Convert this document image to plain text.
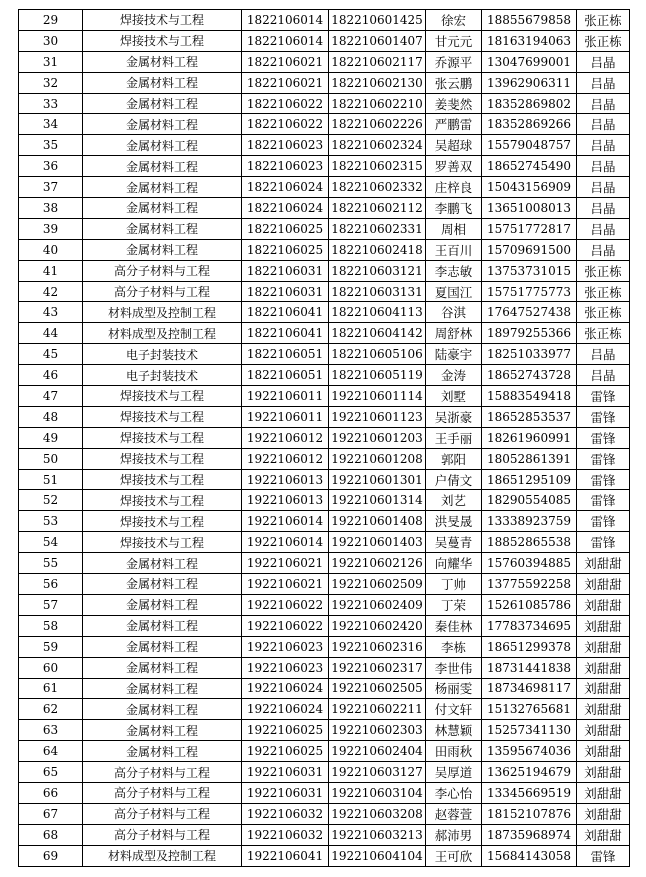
29	焊接技术与工程	1822106014	182210601425	徐宏	18855679858	张正栋
30	焊接技术与工程	1822106014	182210601407	甘元元	18163194063	张正栋
31	金属材料工程	1822106021	182210602117	乔源平	13047699001	吕晶
32	金属材料工程	1822106021	182210602130	张云鹏	13962906311	吕晶
33	金属材料工程	1822106022	182210602210	姜斐然	18352869802	吕晶
34	金属材料工程	1822106022	182210602226	严鹏雷	18352869266	吕晶
35	金属材料工程	1822106023	182210602324	吴超球	15579048757	吕晶
36	金属材料工程	1822106023	182210602315	罗善双	18652745490	吕晶
37	金属材料工程	1822106024	182210602332	庄梓良	15043156909	吕晶
38	金属材料工程	1822106024	182210602112	李鹏飞	13651008013	吕晶
39	金属材料工程	1822106025	182210602331	周相	15751772817	吕晶
40	金属材料工程	1822106025	182210602418	王百川	15709691500	吕晶
41	高分子材料与工程	1822106031	182210603121	李志敏	13753731015	张正栋
42	高分子材料与工程	1822106031	182210603131	夏国江	15751775773	张正栋
43	材料成型及控制工程	1822106041	182210604113	谷淇	17647527438	张正栋
44	材料成型及控制工程	1822106041	182210604142	周舒林	18979255366	张正栋
45	电子封装技术	1822106051	182210605106	陆豪宇	18251033977	吕晶
46	电子封装技术	1822106051	182210605119	金涛	18652743728	吕晶
47	焊接技术与工程	1922106011	192210601114	刘墅	15883549418	雷锋
48	焊接技术与工程	1922106011	192210601123	吴浙豪	18652853537	雷锋
49	焊接技术与工程	1922106012	192210601203	王手丽	18261960991	雷锋
50	焊接技术与工程	1922106012	192210601208	郭阳	18052861391	雷锋
51	焊接技术与工程	1922106013	192210601301	户倩文	18651295109	雷锋
52	焊接技术与工程	1922106013	192210601314	刘艺	18290554085	雷锋
53	焊接技术与工程	1922106014	192210601408	洪旻晟	13338923759	雷锋
54	焊接技术与工程	1922106014	192210601403	吴蔓青	18852865538	雷锋
55	金属材料工程	1922106021	192210602126	向耀华	15760394885	刘甜甜
56	金属材料工程	1922106021	192210602509	丁帅	13775592258	刘甜甜
57	金属材料工程	1922106022	192210602409	丁荣	15261085786	刘甜甜
58	金属材料工程	1922106022	192210602420	秦佳林	17783734695	刘甜甜
59	金属材料工程	1922106023	192210602316	李栋	18651299378	刘甜甜
60	金属材料工程	1922106023	192210602317	李世伟	18731441838	刘甜甜
61	金属材料工程	1922106024	192210602505	杨丽雯	18734698117	刘甜甜
62	金属材料工程	1922106024	192210602211	付文轩	15132765681	刘甜甜
63	金属材料工程	1922106025	192210602303	林慧颖	15257341130	刘甜甜
64	金属材料工程	1922106025	192210602404	田雨秋	13595674036	刘甜甜
65	高分子材料与工程	1922106031	192210603127	吴厚道	13625194679	刘甜甜
66	高分子材料与工程	1922106031	192210603104	李心怡	13345669519	刘甜甜
67	高分子材料与工程	1922106032	192210603208	赵蓉萱	18152107876	刘甜甜
68	高分子材料与工程	1922106032	192210603213	郝沛男	18735968974	刘甜甜
69	材料成型及控制工程	1922106041	192210604104	王可欣	15684143058	雷锋
